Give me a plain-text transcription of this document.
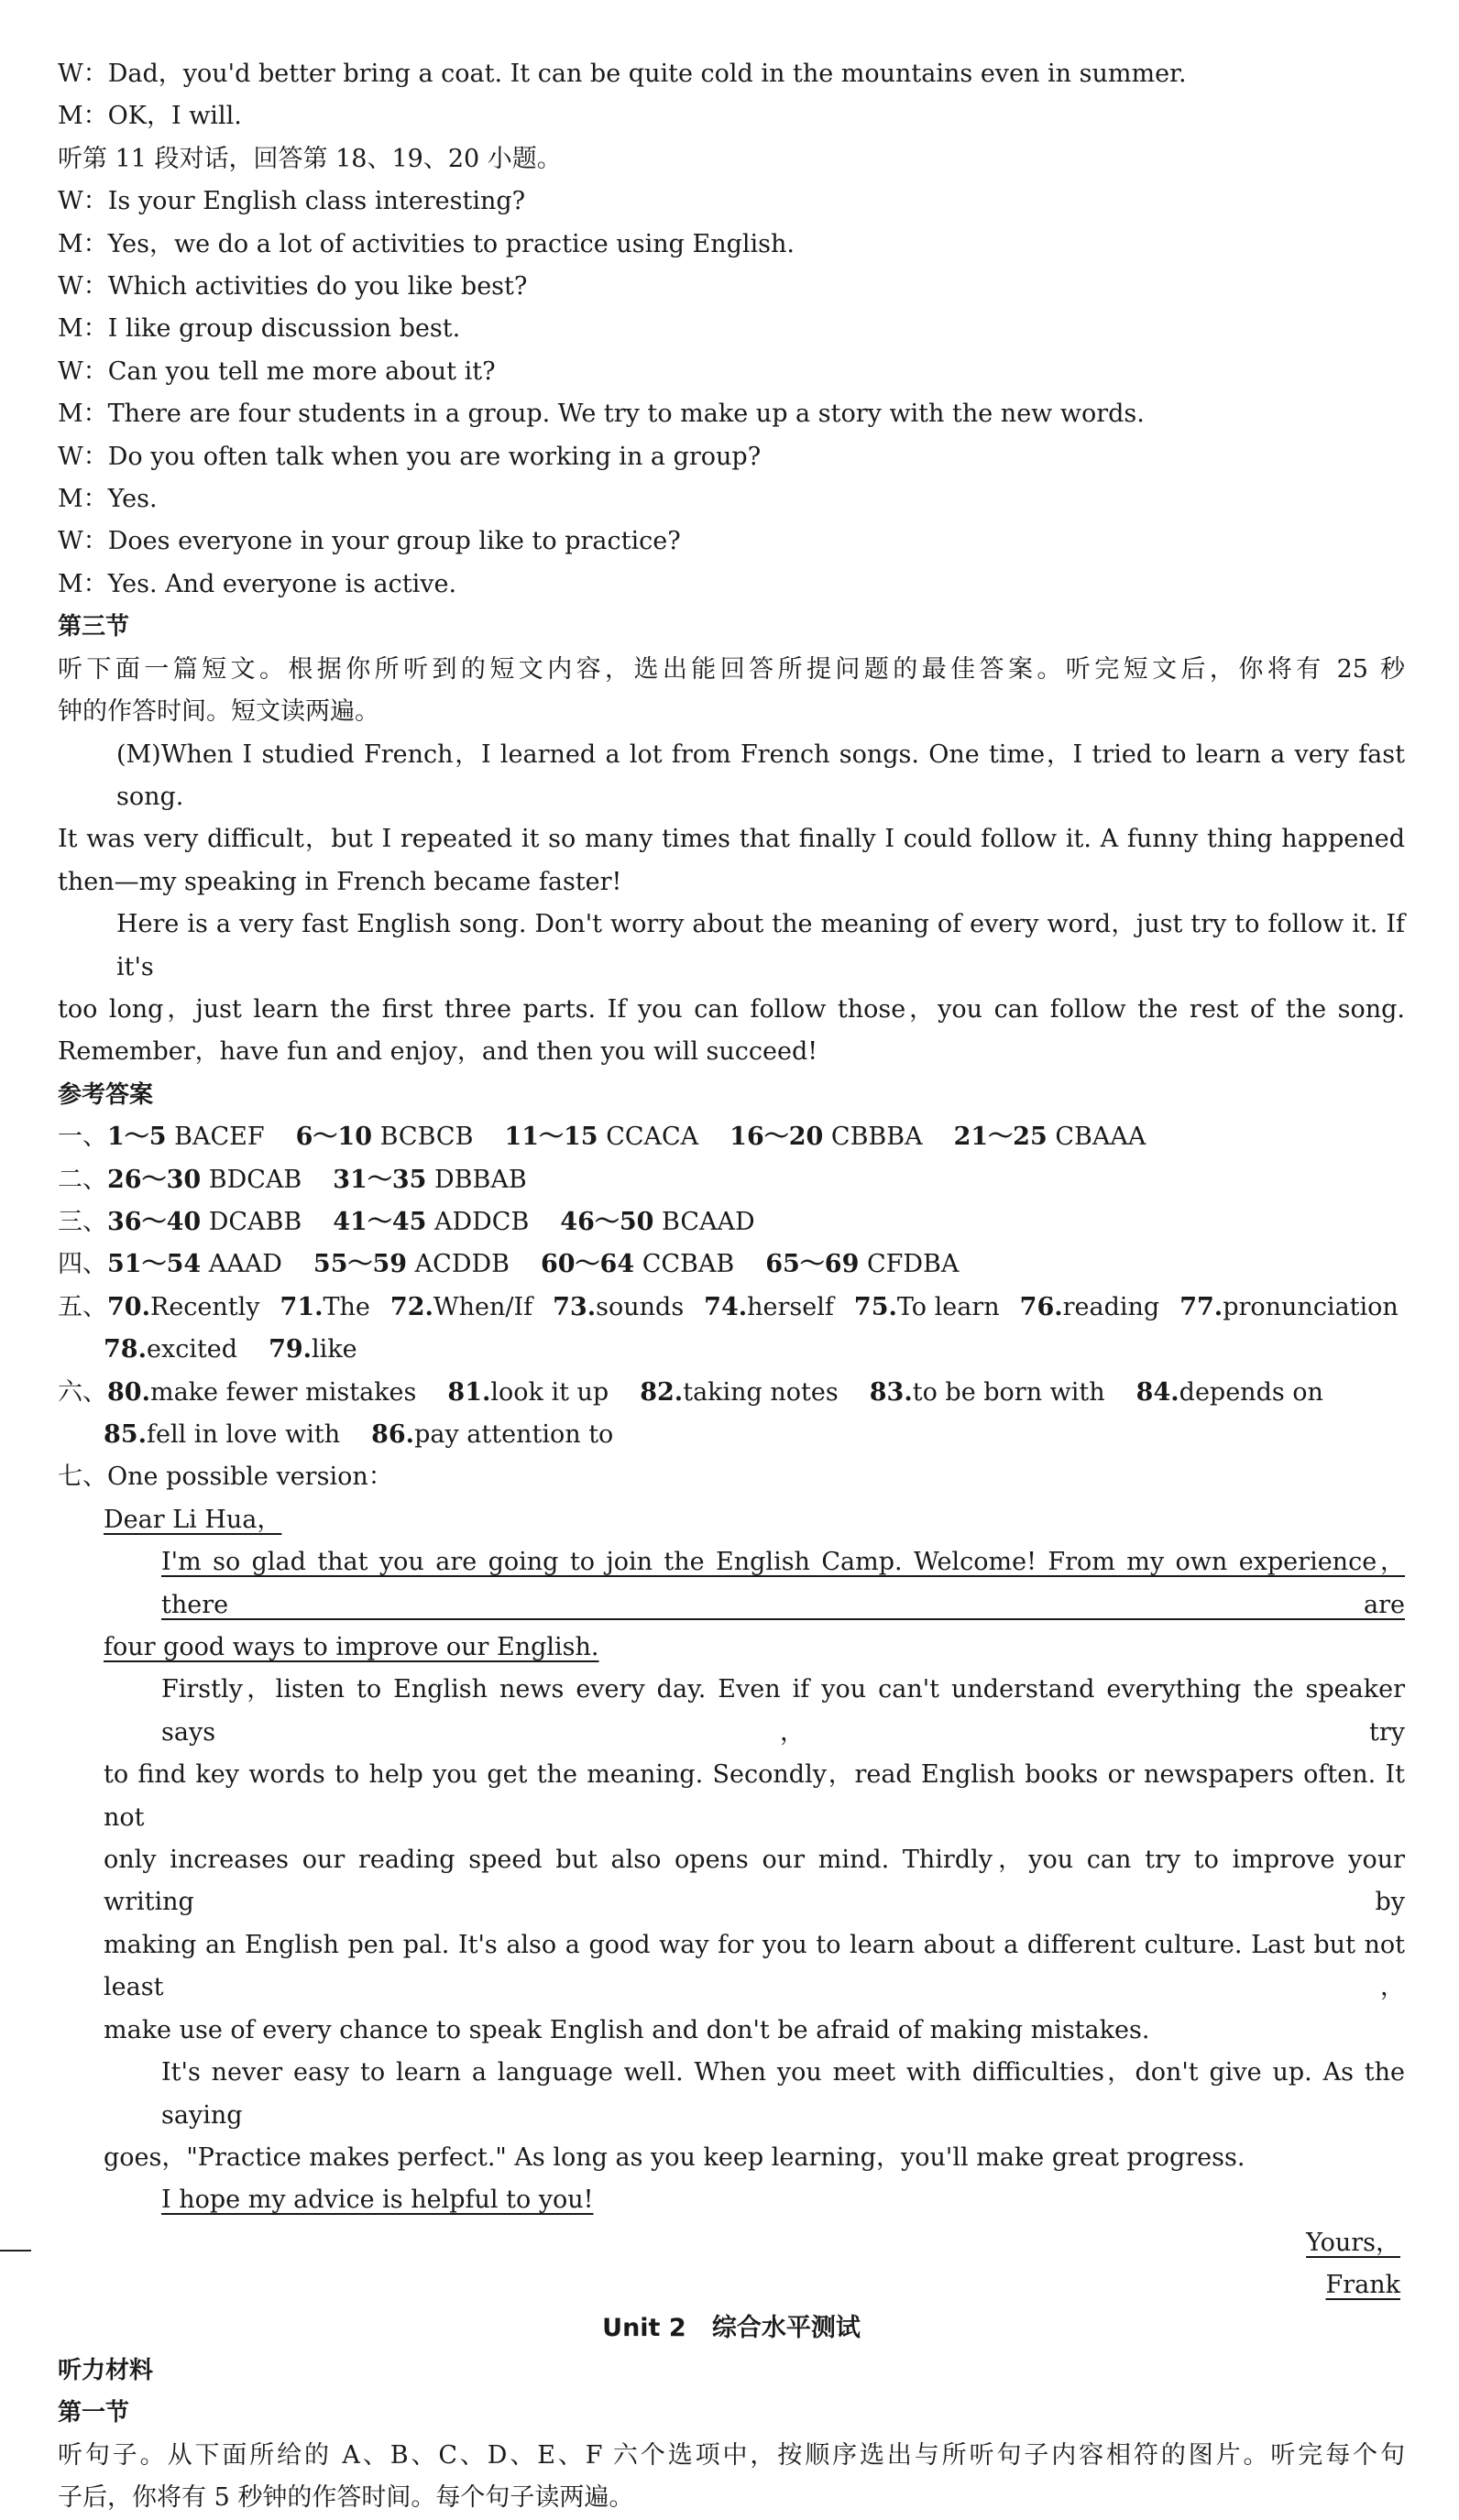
W：Dad，you'd better bring a coat. It can be quite cold in the mountains even in summer.
M：OK，I will.
听第 11 段对话，回答第 18、19、20 小题。
W：Is your English class interesting?
M：Yes，we do a lot of activities to practice using English.
W：Which activities do you like best?
M：I like group discussion best.
W：Can you tell me more about it?
M：There are four students in a group. We try to make up a story with the new words.
W：Do you often talk when you are working in a group?
M：Yes.
W：Does everyone in your group like to practice?
M：Yes. And everyone is active.
第三节
听下面一篇短文。根据你所听到的短文内容，选出能回答所提问题的最佳答案。听完短文后，你将有 25 秒
钟的作答时间。短文读两遍。
(M)When I studied French，I learned a lot from French songs. One time，I tried to learn a very fast song.
It was very difficult，but I repeated it so many times that finally I could follow it. A funny thing happened
then—my speaking in French became faster!
Here is a very fast English song. Don't worry about the meaning of every word，just try to follow it. If it's
too long，just learn the first three parts. If you can follow those，you can follow the rest of the song.
Remember，have fun and enjoy，and then you will succeed!
参考答案
一、1～5 BACEF 6～10 BCBCB 11～15 CCACA 16～20 CBBBA 21～25 CBAAA
二、26～30 BDCAB 31～35 DBBAB
三、36～40 DCABB 41～45 ADDCB 46～50 BCAAD
四、51～54 AAAD 55～59 ACDDB 60～64 CCBAB 65～69 CFDBA
五、70.Recently 71.The 72.When/If 73.sounds 74.herself 75.To learn 76.reading 77.pronunciation
78.excited 79.like
六、80.make fewer mistakes 81.look it up 82.taking notes 83.to be born with 84.depends on
85.fell in love with 86.pay attention to
七、One possible version：
Dear Li Hua，
I'm so glad that you are going to join the English Camp. Welcome! From my own experience，there are
four good ways to improve our English.
Firstly，listen to English news every day. Even if you can't understand everything the speaker says，try
to find key words to help you get the meaning. Secondly，read English books or newspapers often. It not
only increases our reading speed but also opens our mind. Thirdly，you can try to improve your writing by
making an English pen pal. It's also a good way for you to learn about a different culture. Last but not least，
make use of every chance to speak English and don't be afraid of making mistakes.
It's never easy to learn a language well. When you meet with difficulties，don't give up. As the saying
goes，"Practice makes perfect." As long as you keep learning，you'll make great progress.
I hope my advice is helpful to you!
Yours，
Frank
Unit 2 综合水平测试
听力材料
第一节
听句子。从下面所给的 A、B、C、D、E、F 六个选项中，按顺序选出与所听句子内容相符的图片。听完每个句
子后，你将有 5 秒钟的作答时间。每个句子读两遍。
